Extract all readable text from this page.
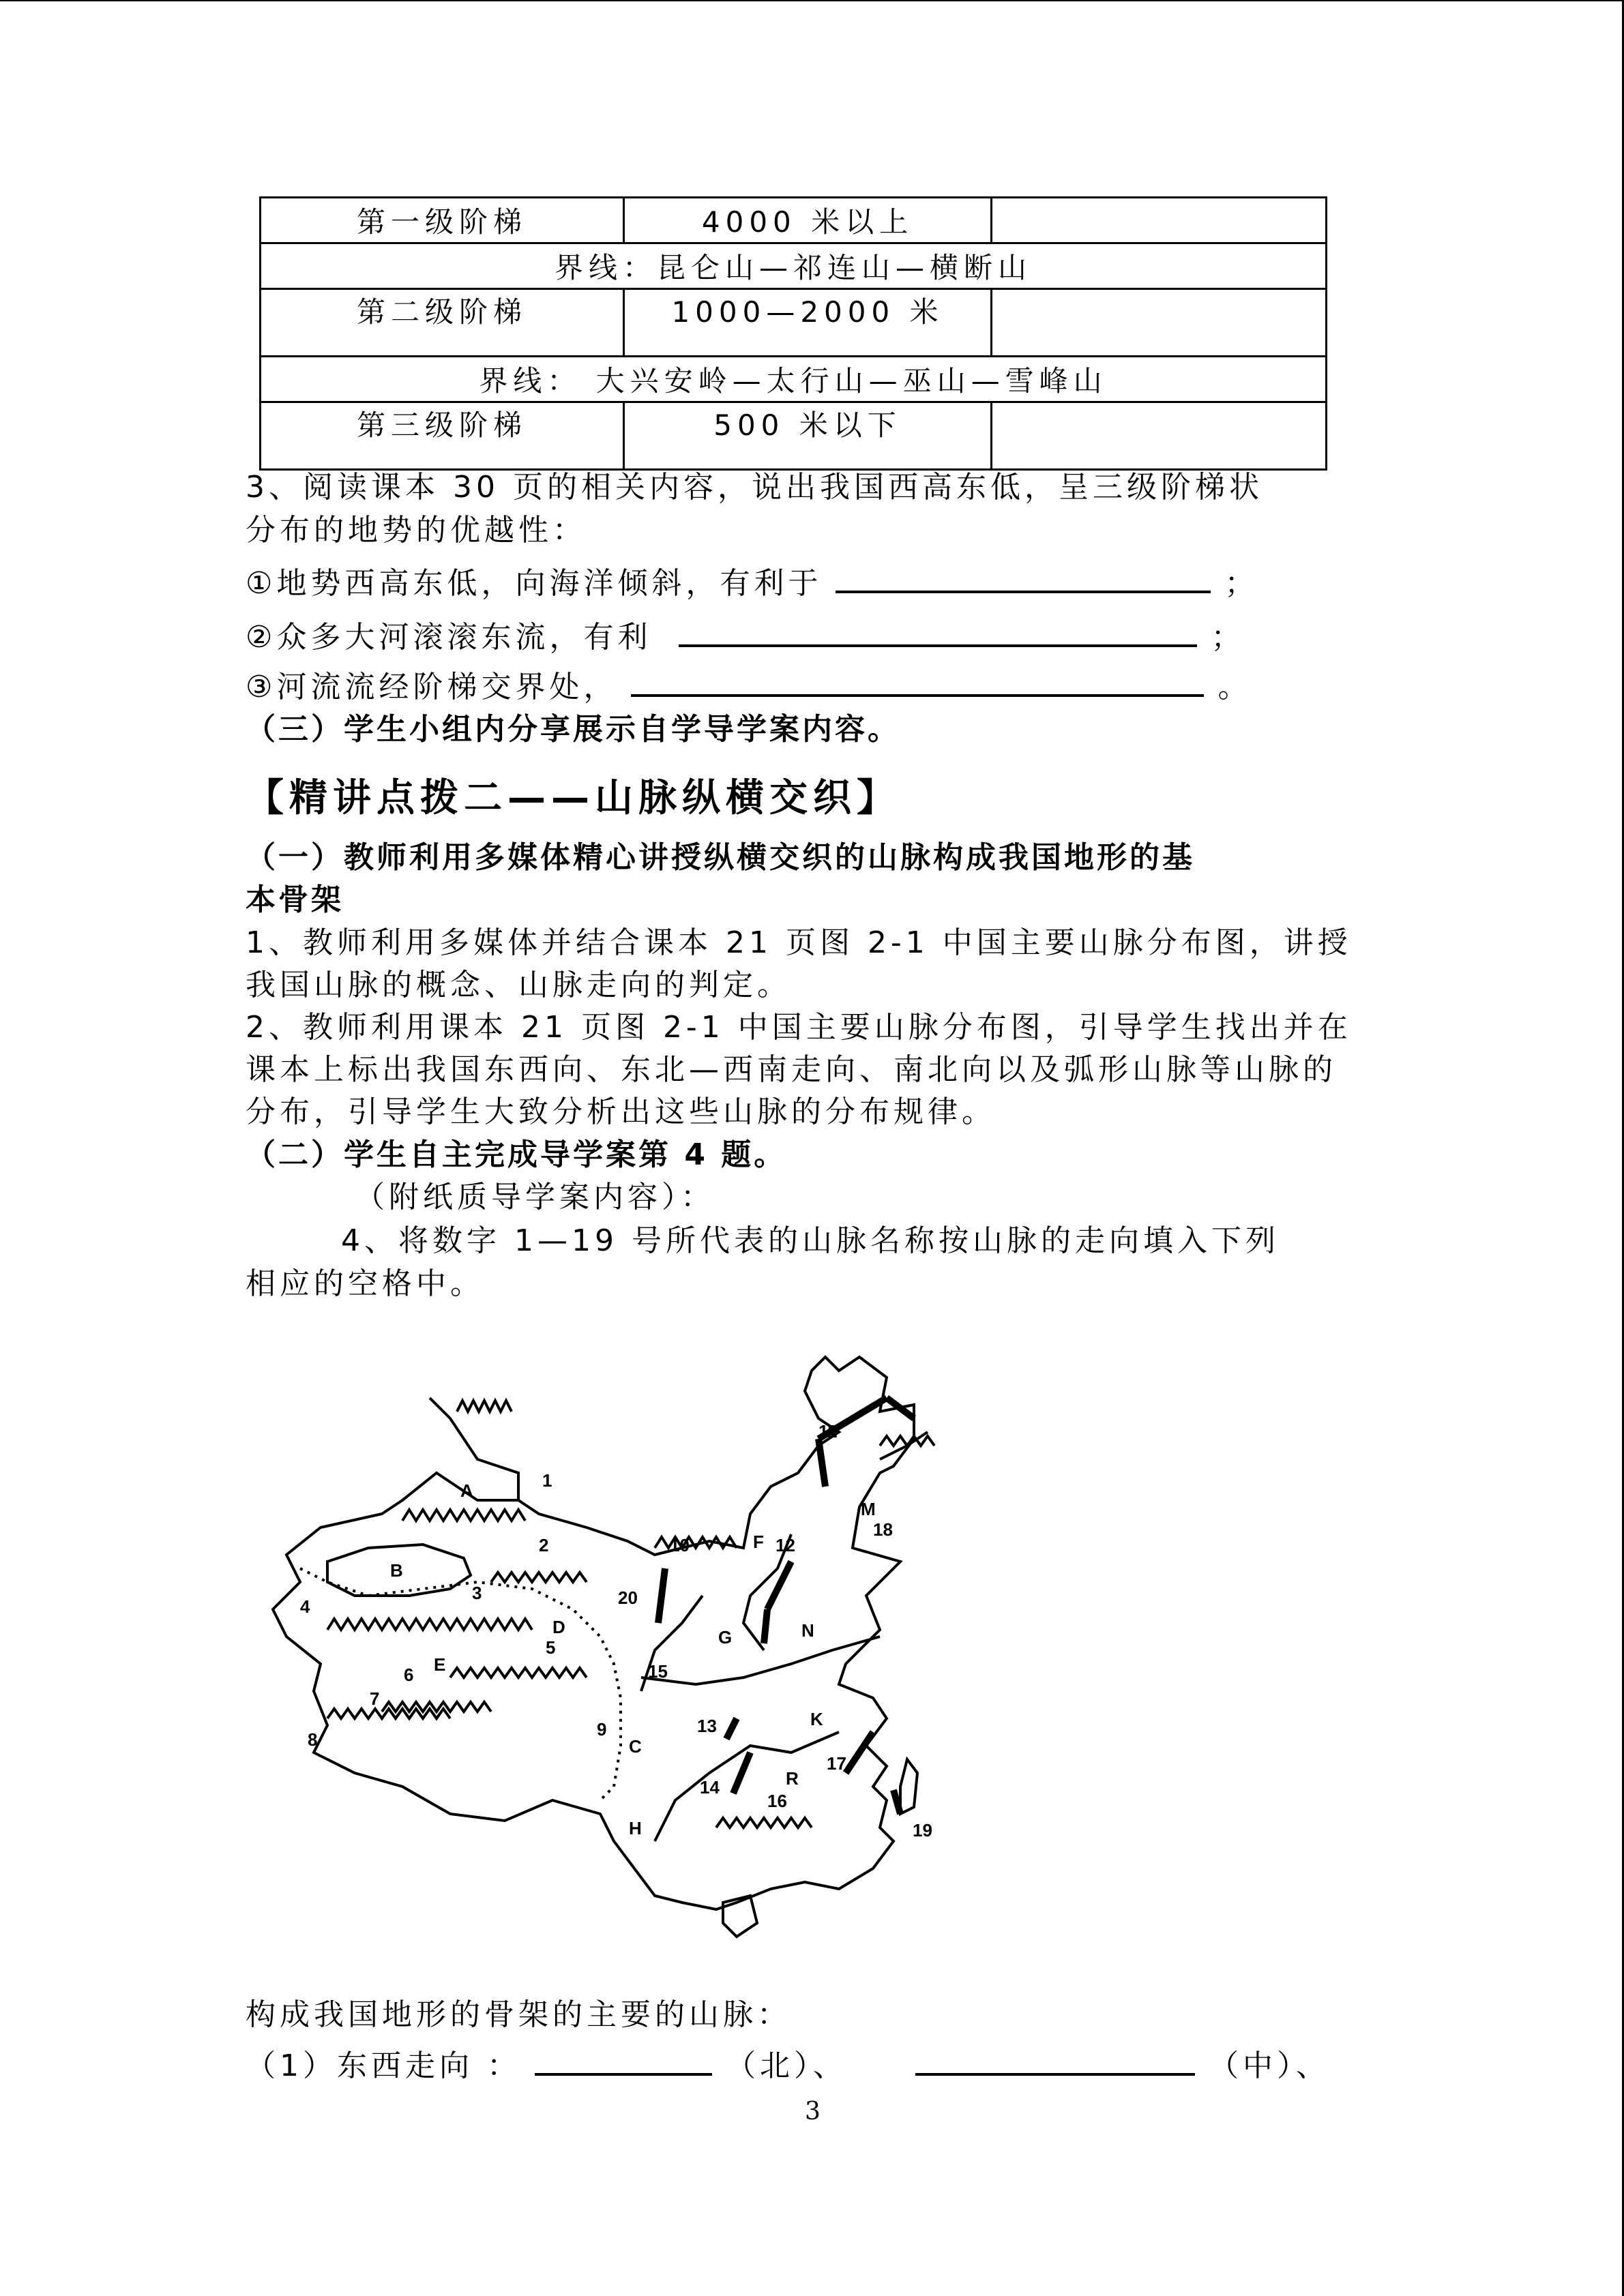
第一级阶梯	4000 米以上	
界线：昆仑山—祁连山—横断山		
第二级阶梯	1000—2000 米	
界线： 大兴安岭—太行山—巫山—雪峰山		
第三级阶梯	500 米以下	
3、阅读课本 30 页的相关内容，说出我国西高东低，呈三级阶梯状
分布的地势的优越性：
①地势西高东低，向海洋倾斜，有利于	；
②众多大河滚滚东流，有利	；
③河流流经阶梯交界处，	。
（三）学生小组内分享展示自学导学案内容。
【精讲点拨二——山脉纵横交织】
（一）教师利用多媒体精心讲授纵横交织的山脉构成我国地形的基
本骨架
1、教师利用多媒体并结合课本 21 页图 2-1 中国主要山脉分布图，讲授我国山脉的概念、山脉走向的判定。
2、教师利用课本 21 页图 2-1 中国主要山脉分布图，引导学生找出并在课本上标出我国东西向、东北—西南走向、南北向以及弧形山脉等山脉的分布，引导学生大致分析出这些山脉的分布规律。
（二）学生自主完成导学案第 4 题。
（附纸质导学案内容）：
4、将数字 1—19 号所代表的山脉名称按山脉的走向填入下列
相应的空格中。
1
2
3
4
5
6
7
8	9
10
11
12
13
14
15
16
17
18
19
20
A
B
C
D
E
F
G
H
K
M
N
R
构成我国地形的骨架的主要的山脉：
（1）东西走向 ：	（北）、	（中）、
3
